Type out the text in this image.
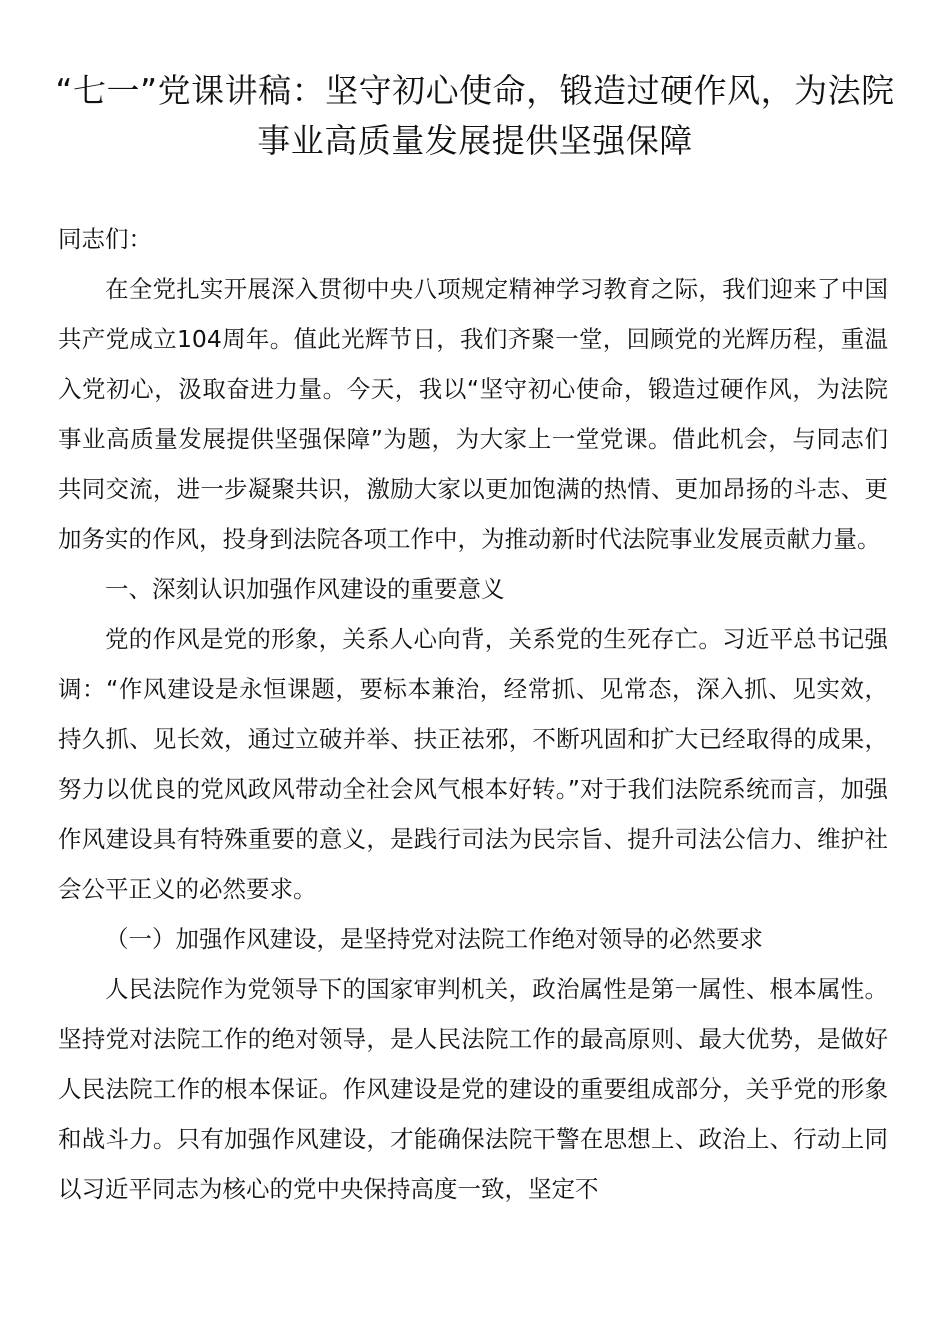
“七一”党课讲稿：坚守初心使命，锻造过硬作风，为法院事业高质量发展提供坚强保障

同志们：

在全党扎实开展深入贯彻中央八项规定精神学习教育之际，我们迎来了中国共产党成立104周年。值此光辉节日，我们齐聚一堂，回顾党的光辉历程，重温入党初心，汲取奋进力量。今天，我以“坚守初心使命，锻造过硬作风，为法院事业高质量发展提供坚强保障”为题，为大家上一堂党课。借此机会，与同志们共同交流，进一步凝聚共识，激励大家以更加饱满的热情、更加昂扬的斗志、更加务实的作风，投身到法院各项工作中，为推动新时代法院事业发展贡献力量。

一、深刻认识加强作风建设的重要意义

党的作风是党的形象，关系人心向背，关系党的生死存亡。习近平总书记强调：“作风建设是永恒课题，要标本兼治，经常抓、见常态，深入抓、见实效，持久抓、见长效，通过立破并举、扶正祛邪，不断巩固和扩大已经取得的成果，努力以优良的党风政风带动全社会风气根本好转。”对于我们法院系统而言，加强作风建设具有特殊重要的意义，是践行司法为民宗旨、提升司法公信力、维护社会公平正义的必然要求。

（一）加强作风建设，是坚持党对法院工作绝对领导的必然要求

人民法院作为党领导下的国家审判机关，政治属性是第一属性、根本属性。坚持党对法院工作的绝对领导，是人民法院工作的最高原则、最大优势，是做好人民法院工作的根本保证。作风建设是党的建设的重要组成部分，关乎党的形象和战斗力。只有加强作风建设，才能确保法院干警在思想上、政治上、行动上同以习近平同志为核心的党中央保持高度一致，坚定不
